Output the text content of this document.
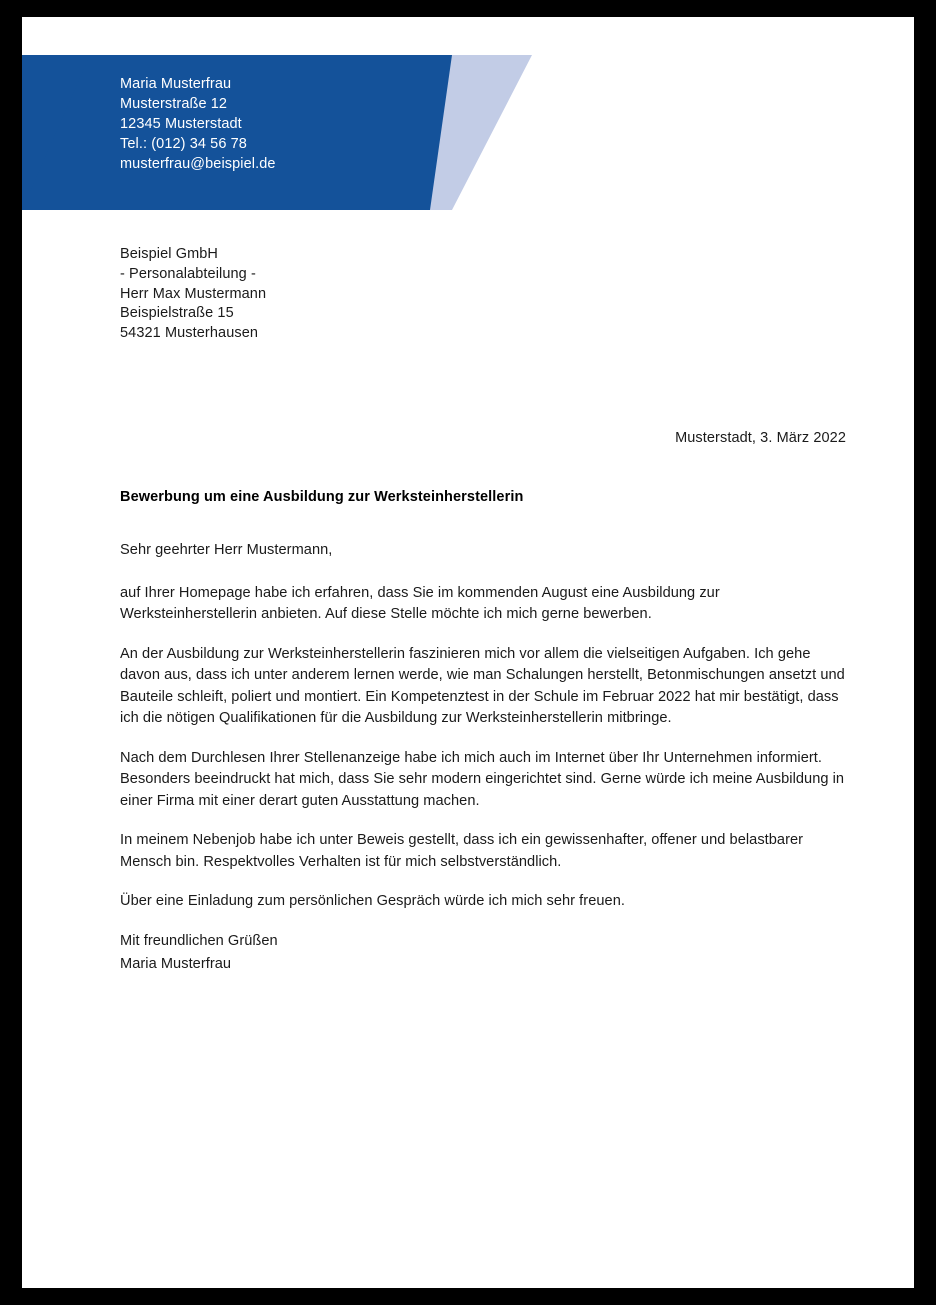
Maria Musterfrau
Musterstraße 12
12345 Musterstadt
Tel.: (012) 34 56 78
musterfrau@beispiel.de
Beispiel GmbH
- Personalabteilung -
Herr Max Mustermann
Beispielstraße 15
54321 Musterhausen
Musterstadt, 3. März 2022
Bewerbung um eine Ausbildung zur Werksteinherstellerin

Sehr geehrter Herr Mustermann,

auf Ihrer Homepage habe ich erfahren, dass Sie im kommenden August eine Ausbildung zur Werksteinherstellerin anbieten. Auf diese Stelle möchte ich mich gerne bewerben.

An der Ausbildung zur Werksteinherstellerin faszinieren mich vor allem die vielseitigen Aufgaben. Ich gehe davon aus, dass ich unter anderem lernen werde, wie man Schalungen herstellt, Betonmischungen ansetzt und Bauteile schleift, poliert und montiert. Ein Kompetenztest in der Schule im Februar 2022 hat mir bestätigt, dass ich die nötigen Qualifikationen für die Ausbildung zur Werksteinherstellerin mitbringe.

Nach dem Durchlesen Ihrer Stellenanzeige habe ich mich auch im Internet über Ihr Unternehmen informiert. Besonders beeindruckt hat mich, dass Sie sehr modern eingerichtet sind. Gerne würde ich meine Ausbildung in einer Firma mit einer derart guten Ausstattung machen.

In meinem Nebenjob habe ich unter Beweis gestellt, dass ich ein gewissenhafter, offener und belastbarer Mensch bin. Respektvolles Verhalten ist für mich selbstverständlich.

Über eine Einladung zum persönlichen Gespräch würde ich mich sehr freuen.

Mit freundlichen Grüßen

Maria Musterfrau
